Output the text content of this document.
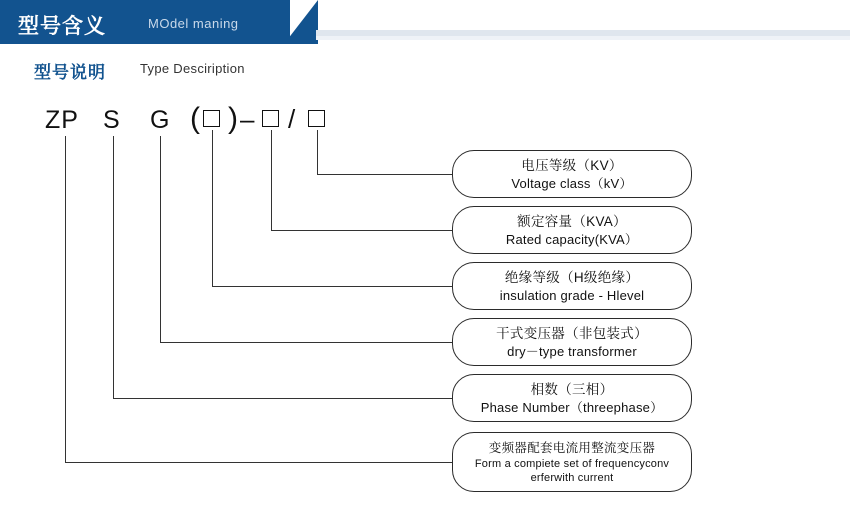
型号含义	MOdel maning
型号说明	Type Desciription
ZP S G ( ) – /
电压等级（KV）
Voltage class（kV）
额定容量（KVA）
Rated capacity(KVA）
绝缘等级（H级绝缘）
insulation grade - Hlevel
干式变压器（非包装式）
dry－type transformer
相数（三相）
Phase Number（threephase）
变频器配套电流用整流变压器
Form a compiete set of frequencyconv
erferwith current
